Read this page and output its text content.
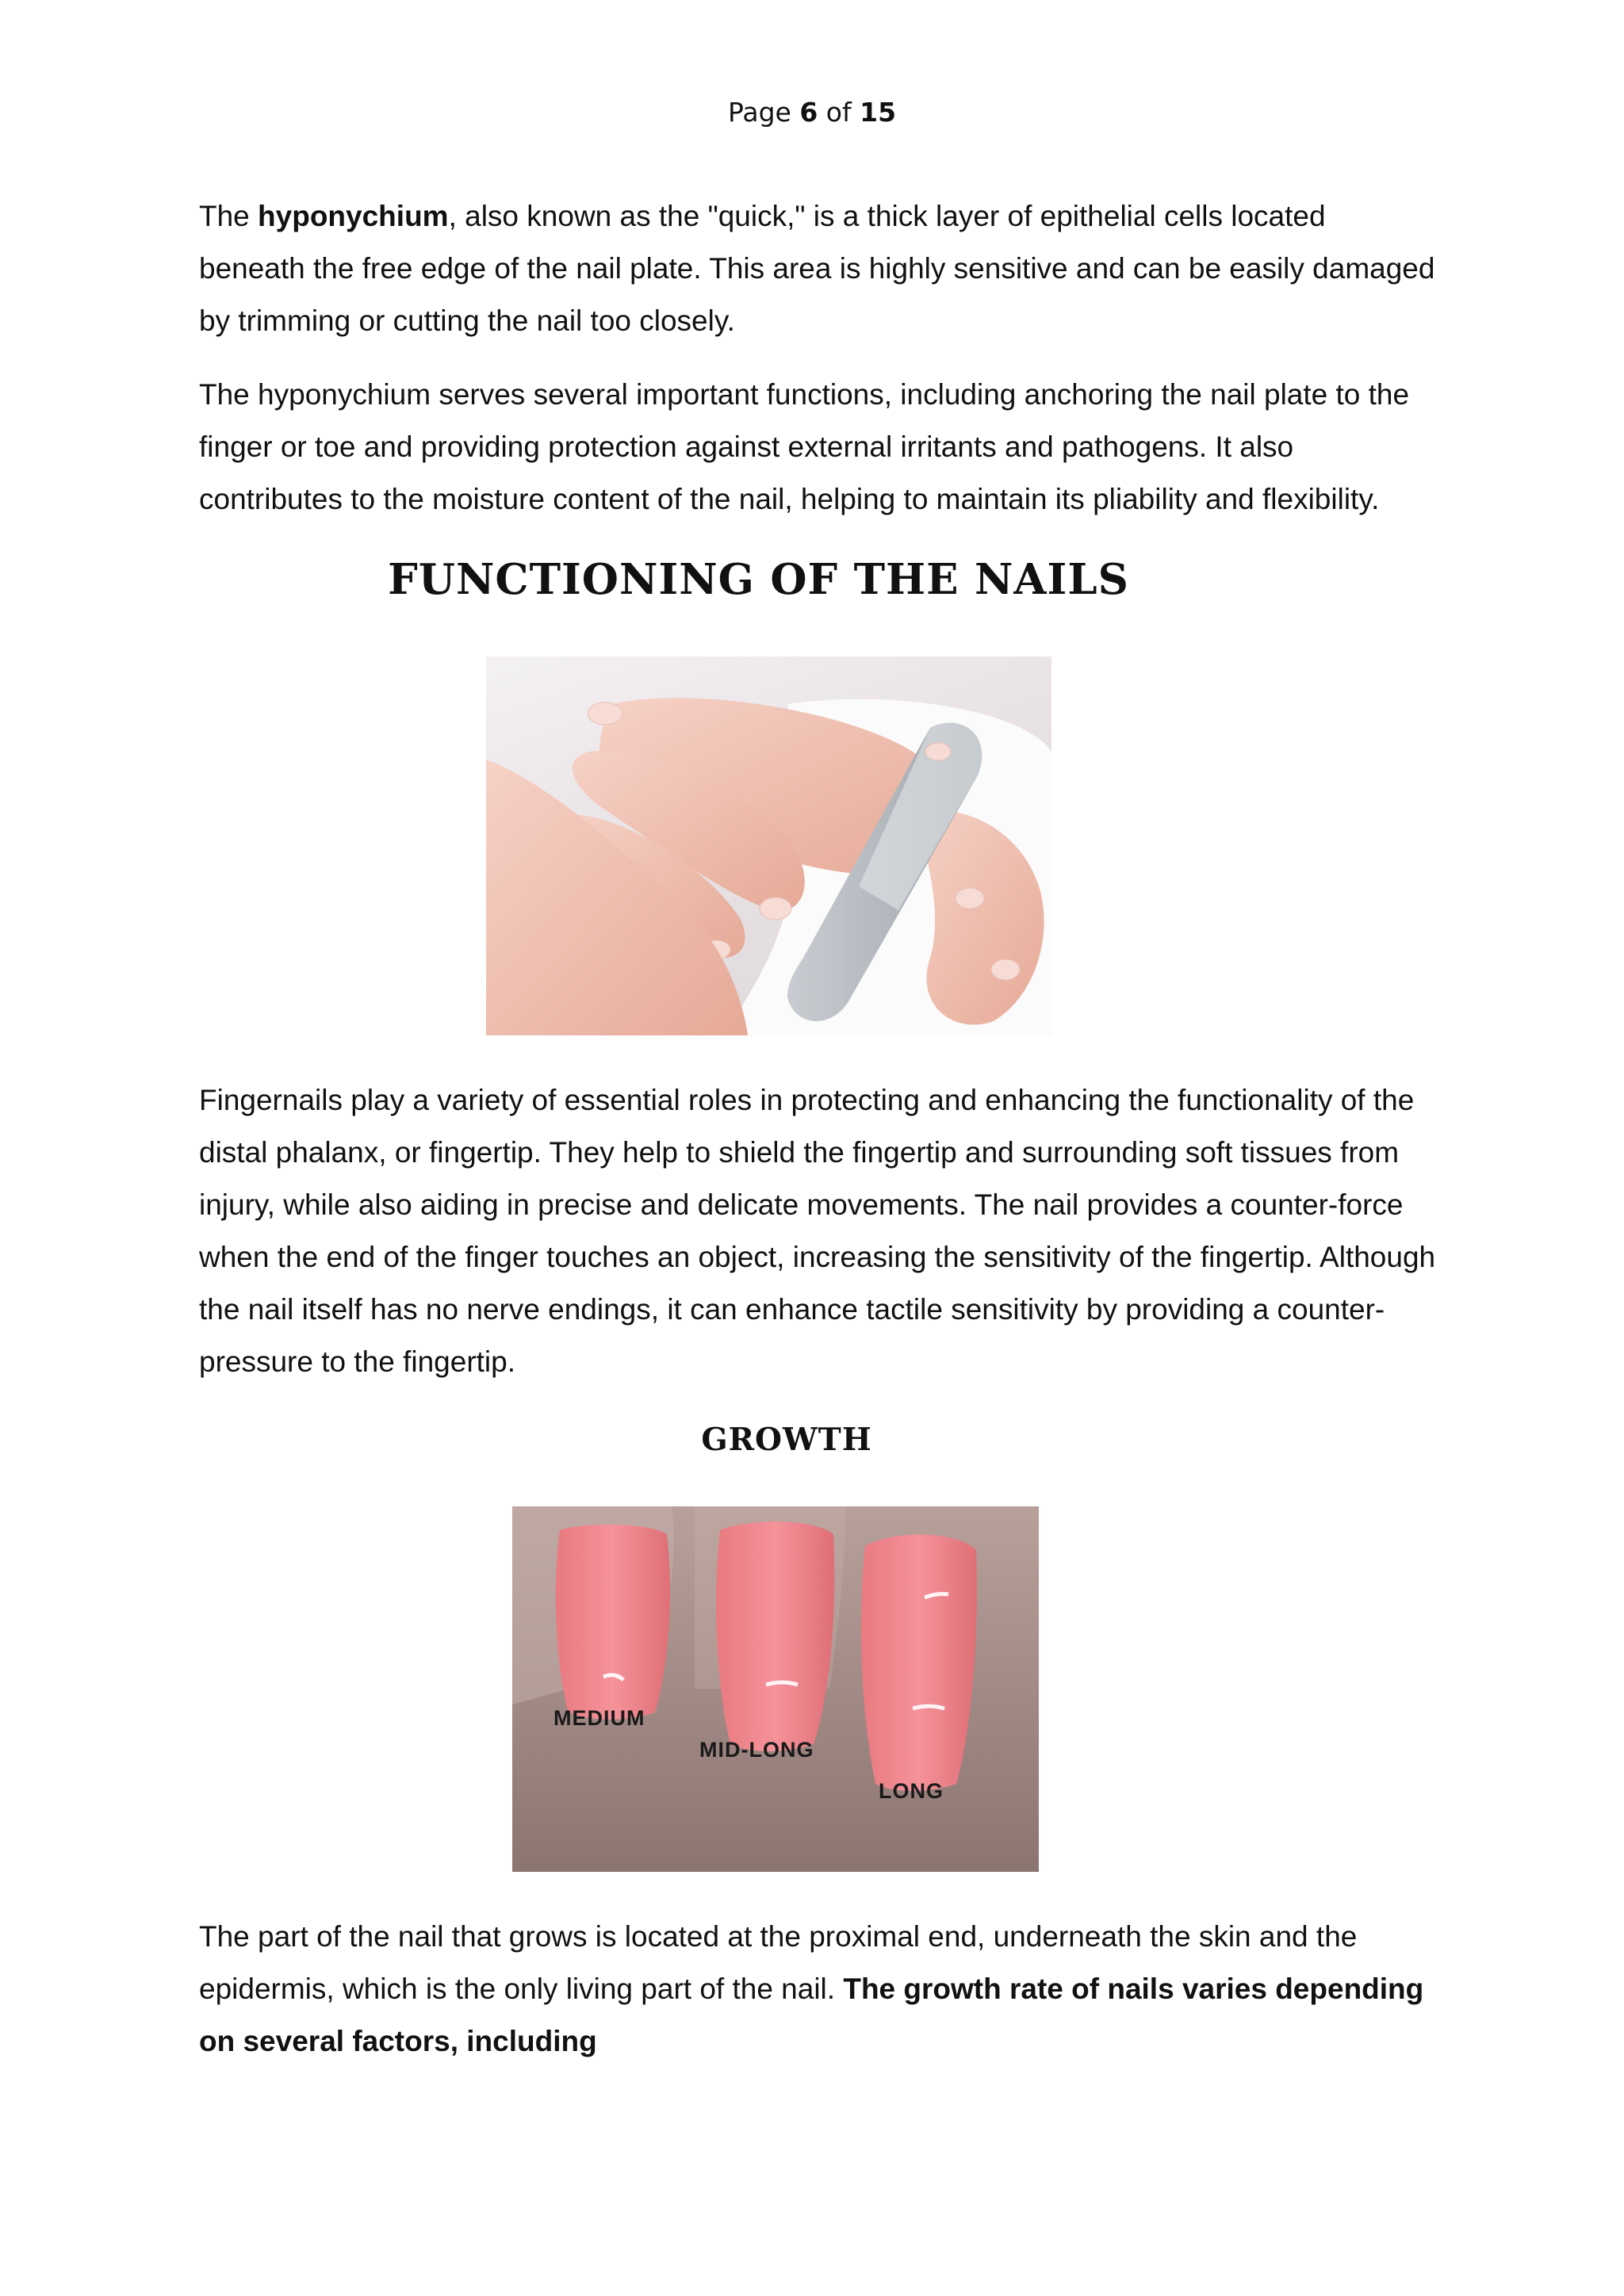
Page 6 of 15

The hyponychium, also known as the "quick," is a thick layer of epithelial cells located beneath the free edge of the nail plate. This area is highly sensitive and can be easily damaged by trimming or cutting the nail too closely.

The hyponychium serves several important functions, including anchoring the nail plate to the finger or toe and providing protection against external irritants and pathogens. It also contributes to the moisture content of the nail, helping to maintain its pliability and flexibility.

FUNCTIONING OF THE NAILS

Fingernails play a variety of essential roles in protecting and enhancing the functionality of the distal phalanx, or fingertip. They help to shield the fingertip and surrounding soft tissues from injury, while also aiding in precise and delicate movements. The nail provides a counter-force when the end of the finger touches an object, increasing the sensitivity of the fingertip. Although the nail itself has no nerve endings, it can enhance tactile sensitivity by providing a counter-pressure to the fingertip.

GROWTH
MEDIUM
MID-LONG
LONG

The part of the nail that grows is located at the proximal end, underneath the skin and the epidermis, which is the only living part of the nail. The growth rate of nails varies depending on several factors, including
